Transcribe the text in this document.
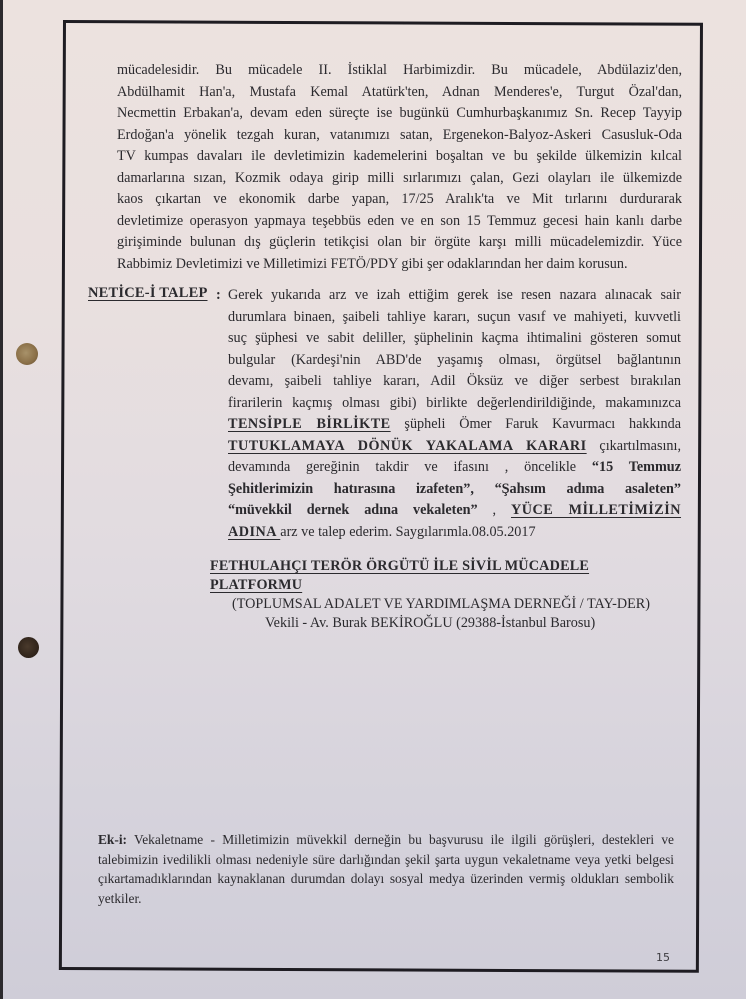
mücadelesidir. Bu mücadele II. İstiklal Harbimizdir. Bu mücadele, Abdülaziz'den,
Abdülhamit Han'a, Mustafa Kemal Atatürk'ten, Adnan Menderes'e, Turgut Özal'dan,
Necmettin Erbakan'a, devam eden süreçte ise bugünkü Cumhurbaşkanımız Sn. Recep Tayyip
Erdoğan'a yönelik tezgah kuran, vatanımızı satan, Ergenekon-Balyoz-Askeri Casusluk-Oda
TV kumpas davaları ile devletimizin kademelerini boşaltan ve bu şekilde ülkemizin kılcal
damarlarına sızan, Kozmik odaya girip milli sırlarımızı çalan, Gezi olayları ile ülkemizde
kaos çıkartan ve ekonomik darbe yapan, 17/25 Aralık'ta ve Mit tırlarını durdurarak
devletimize operasyon yapmaya teşebbüs eden ve en son 15 Temmuz gecesi hain kanlı darbe
girişiminde bulunan dış güçlerin tetikçisi olan bir örgüte karşı milli mücadelemizdir. Yüce
Rabbimiz Devletimizi ve Milletimizi FETÖ/PDY gibi şer odaklarından her daim korusun.
NETİCE-İ TALEP : Gerek yukarıda arz ve izah ettiğim gerek ise resen nazara alınacak sair
durumlara binaen, şaibeli tahliye kararı, suçun vasıf ve mahiyeti, kuvvetli
suç şüphesi ve sabit deliller, şüphelinin kaçma ihtimalini gösteren somut
bulgular (Kardeşi'nin ABD'de yaşamış olması, örgütsel bağlantının
devamı, şaibeli tahliye kararı, Adil Öksüz ve diğer serbest bırakılan
firarilerin kaçmış olması gibi) birlikte değerlendirildiğinde, makamınızca
TENSİPLE BİRLİKTE şüpheli Ömer Faruk Kavurmacı hakkında
TUTUKLAMAYA DÖNÜK YAKALAMA KARARI çıkartılmasını,
devamında gereğinin takdir ve ifasını , öncelikle “15 Temmuz
Şehitlerimizin hatırasına izafeten”, “Şahsım adıma asaleten”
“müvekkil dernek adına vekaleten” , YÜCE MİLLETİMİZİN
ADINA arz ve talep ederim. Saygılarımla.08.05.2017
FETHULAHÇI TERÖR ÖRGÜTÜ İLE SİVİL MÜCADELE PLATFORMU
(TOPLUMSAL ADALET VE YARDIMLAŞMA DERNEĞİ / TAY-DER)
Vekili - Av. Burak BEKİROĞLU (29388-İstanbul Barosu)
Ek-i: Vekaletname - Milletimizin müvekkil derneğin bu başvurusu ile ilgili görüşleri, destekleri ve
talebimizin ivedilikli olması nedeniyle süre darlığından şekil şarta uygun vekaletname veya yetki belgesi
çıkartamadıklarından kaynaklanan durumdan dolayı sosyal medya üzerinden vermiş oldukları sembolik
yetkiler.
15
